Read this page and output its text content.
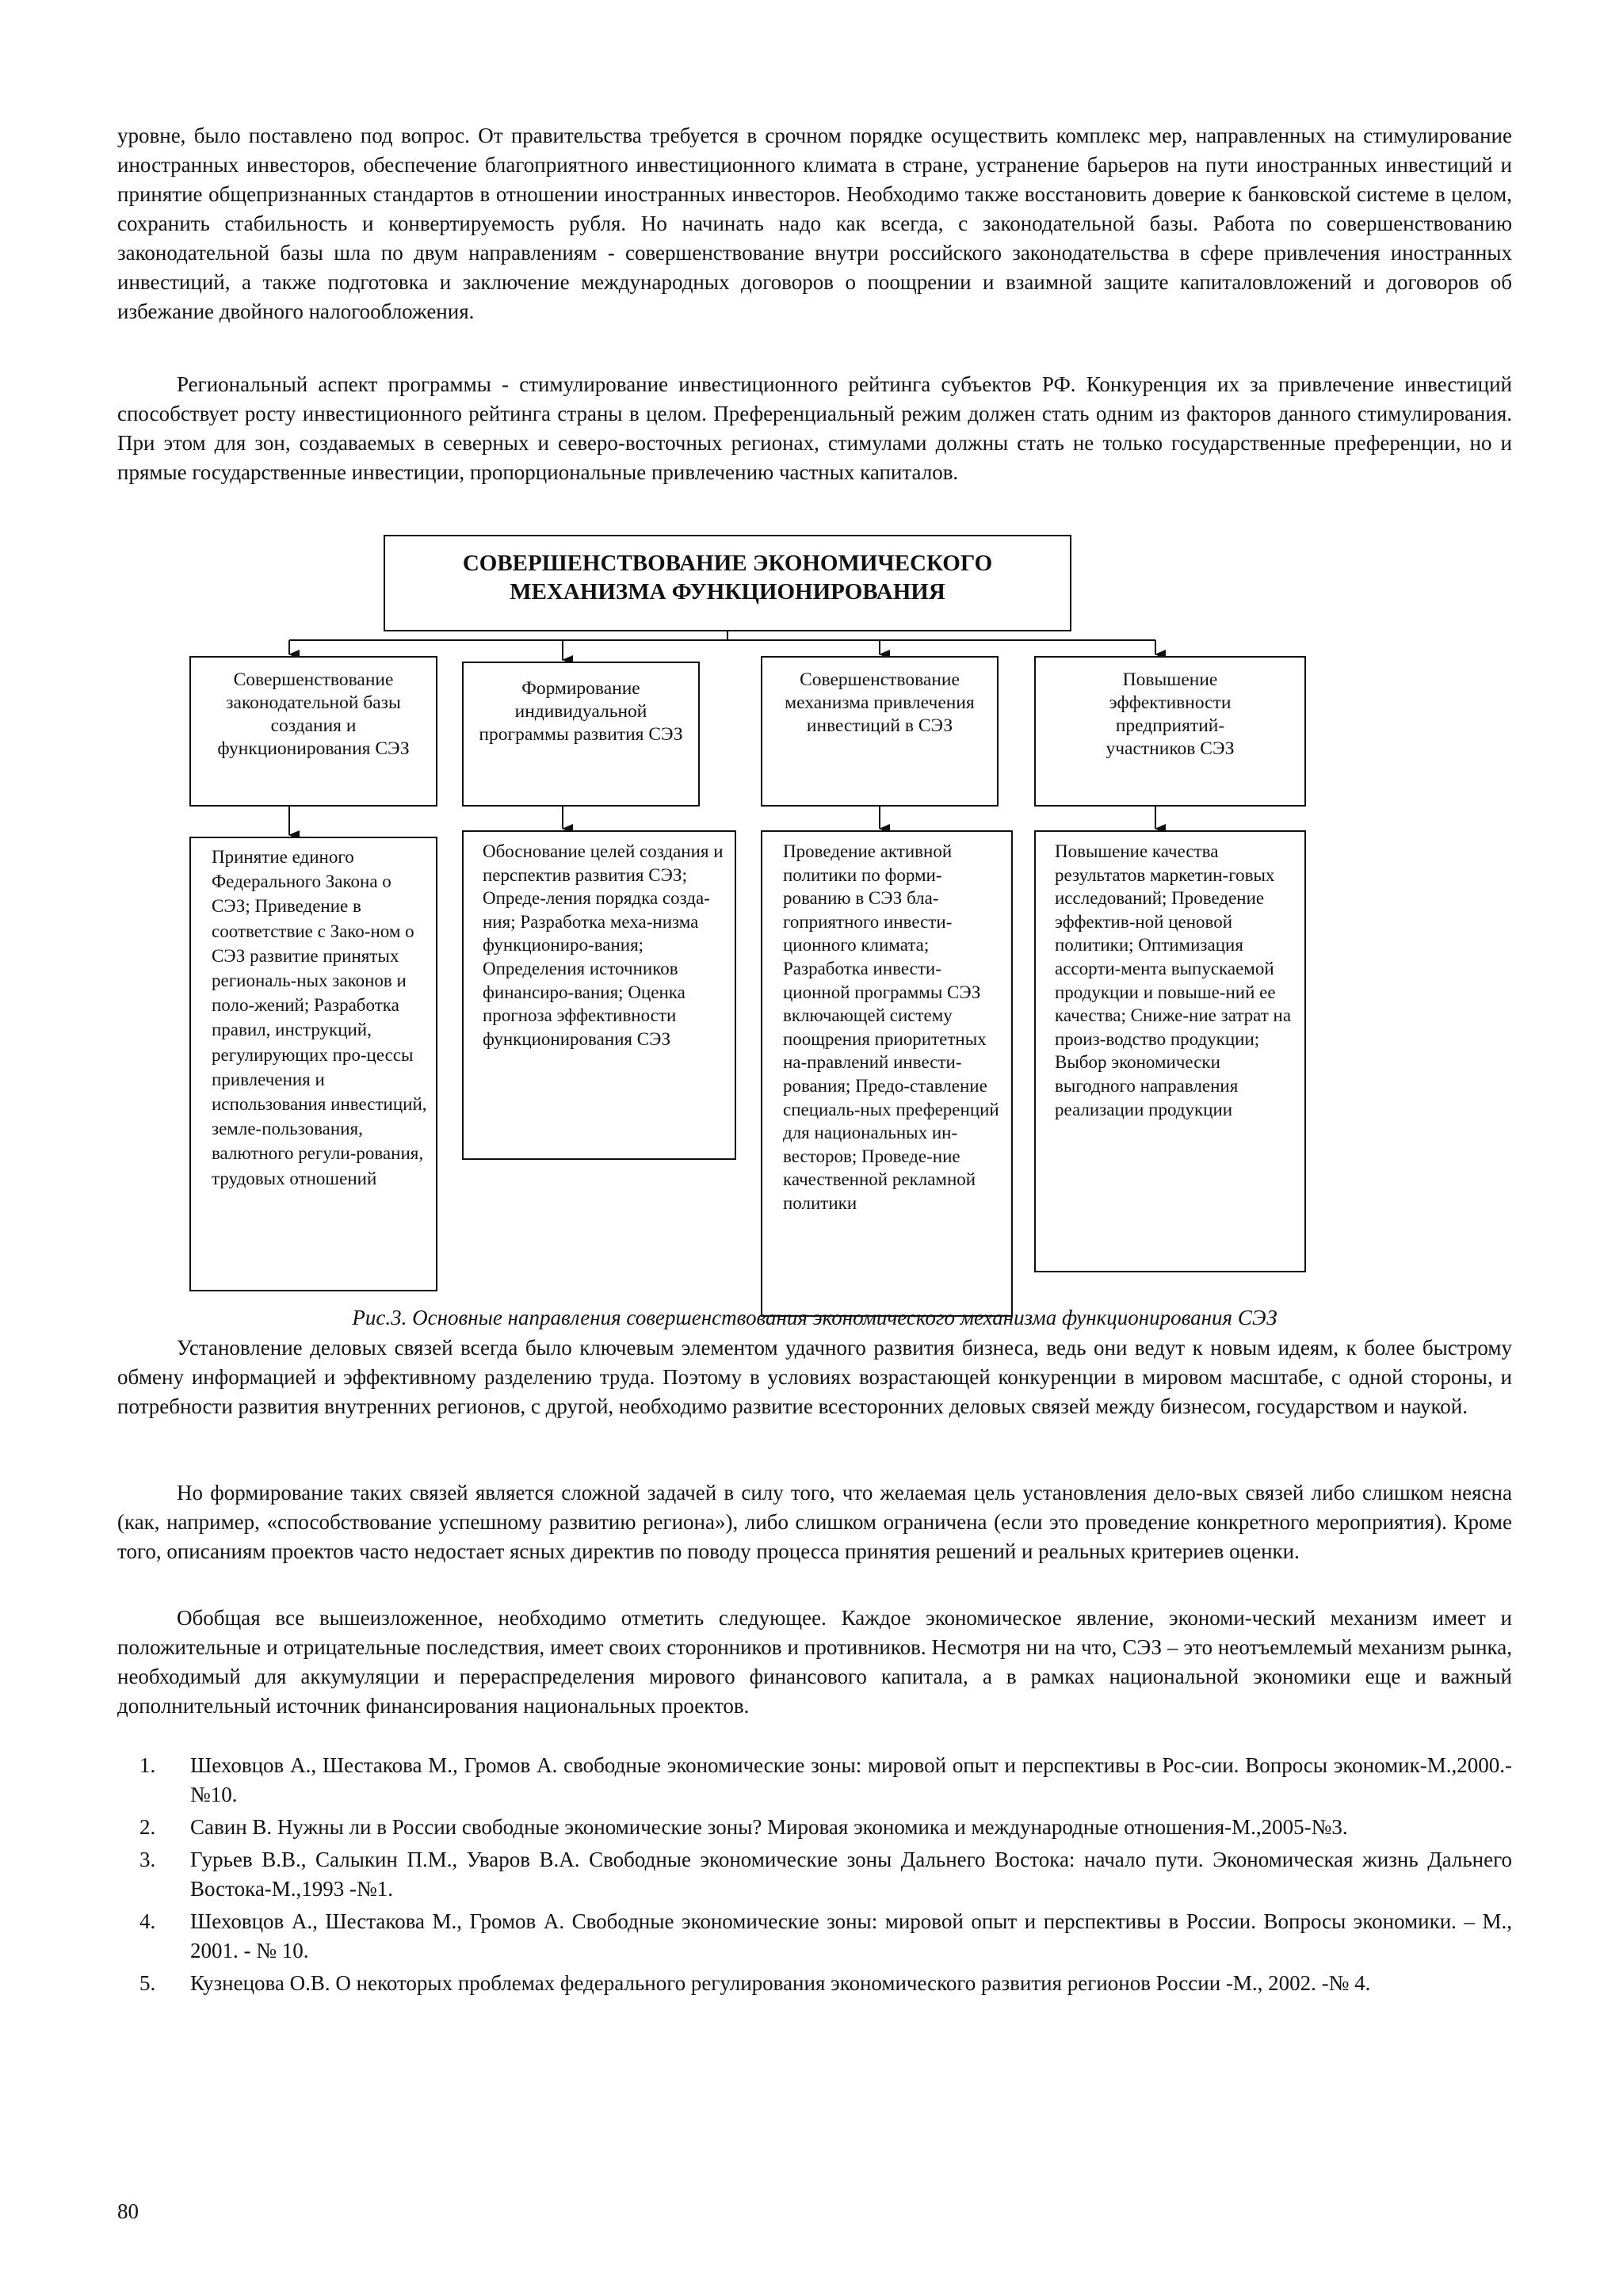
уровне, было поставлено под вопрос. От правительства требуется в срочном порядке осуществить комплекс мер, направленных на стимулирование иностранных инвесторов, обеспечение благоприятного инвестиционного климата в стране, устранение барьеров на пути иностранных инвестиций и принятие общепризнанных стандартов в отношении иностранных инвесторов. Необходимо также восстановить доверие к банковской системе в целом, сохранить стабильность и конвертируемость рубля. Но начинать надо как всегда, с законодательной базы. Работа по совершенствованию законодательной базы шла по двум направлениям - совершенствование внутри российского законодательства в сфере привлечения иностранных инвестиций, а также подготовка и заключение международных договоров о поощрении и взаимной защите капиталовложений и договоров об избежание двойного налогообложения.

Региональный аспект программы - стимулирование инвестиционного рейтинга субъектов РФ. Конкуренция их за привлечение инвестиций способствует росту инвестиционного рейтинга страны в целом. Преференциальный режим должен стать одним из факторов данного стимулирования. При этом для зон, создаваемых в северных и северо-восточных регионах, стимулами должны стать не только государственные преференции, но и прямые государственные инвестиции, пропорциональные привлечению частных капиталов.

СОВЕРШЕНСТВОВАНИЕ ЭКОНОМИЧЕСКОГО МЕХАНИЗМА ФУНКЦИОНИРОВАНИЯ
Совершенствование законодательной базы создания и функционирования СЭЗ
Формирование индивидуальной программы развития СЭЗ
Совершенствование механизма привлечения инвестиций в СЭЗ
Повышение эффективности предприятий-участников СЭЗ
Принятие единого Федерального Закона о СЭЗ; Приведение в соответствие с Зако-ном о СЭЗ развитие принятых региональ-ных законов и поло-жений; Разработка правил, инструкций, регулирующих про-цессы привлечения и использования инвестиций, земле-пользования, валютного регули-рования, трудовых отношений
Обоснование целей создания и перспектив развития СЭЗ; Опреде-ления порядка созда-ния; Разработка меха-низма функциониро-вания; Определения источников финансиро-вания; Оценка прогноза эффективности функционирования СЭЗ
Проведение активной политики по форми-рованию в СЭЗ бла-гоприятного инвести-ционного климата; Разработка инвести-ционной программы СЭЗ включающей систему поощрения приоритетных на-правлений инвести-рования; Предо-ставление специаль-ных преференций для национальных ин-весторов; Проведе-ние качественной рекламной политики
Повышение качества результатов маркетин-говых исследований; Проведение эффектив-ной ценовой политики; Оптимизация ассорти-мента выпускаемой продукции и повыше-ний ее качества; Сниже-ние затрат на произ-водство продукции; Выбор экономически выгодного направления реализации продукции

Рис.3. Основные направления совершенствования экономического механизма функционирования СЭЗ

Установление деловых связей всегда было ключевым элементом удачного развития бизнеса, ведь они ведут к новым идеям, к более быстрому обмену информацией и эффективному разделению труда. Поэтому в условиях возрастающей конкуренции в мировом масштабе, с одной стороны, и потребности развития внутренних регионов, с другой, необходимо развитие всесторонних деловых связей между бизнесом, государством и наукой.

Но формирование таких связей является сложной задачей в силу того, что желаемая цель установления дело-вых связей либо слишком неясна (как, например, «способствование успешному развитию региона»), либо слишком ограничена (если это проведение конкретного мероприятия). Кроме того, описаниям проектов часто недостает ясных директив по поводу процесса принятия решений и реальных критериев оценки.

Обобщая все вышеизложенное, необходимо отметить следующее. Каждое экономическое явление, экономи-ческий механизм имеет и положительные и отрицательные последствия, имеет своих сторонников и противников. Несмотря ни на что, СЭЗ – это неотъемлемый механизм рынка, необходимый для аккумуляции и перераспределения мирового финансового капитала, а в рамках национальной экономики еще и важный дополнительный источник финансирования национальных проектов.

1. Шеховцов А., Шестакова М., Громов А. свободные экономические зоны: мировой опыт и перспективы в Рос-сии. Вопросы экономик-М.,2000.-№10.
2. Савин В. Нужны ли в России свободные экономические зоны? Мировая экономика и международные отношения-М.,2005-№3.
3. Гурьев В.В., Салыкин П.М., Уваров В.А. Свободные экономические зоны Дальнего Востока: начало пути. Экономическая жизнь Дальнего Востока-М.,1993 -№1.
4. Шеховцов А., Шестакова М., Громов А. Свободные экономические зоны: мировой опыт и перспективы в России. Вопросы экономики. – М., 2001. - № 10.
5. Кузнецова О.В. О некоторых проблемах федерального регулирования экономического развития регионов России -М., 2002. -№ 4.
80
